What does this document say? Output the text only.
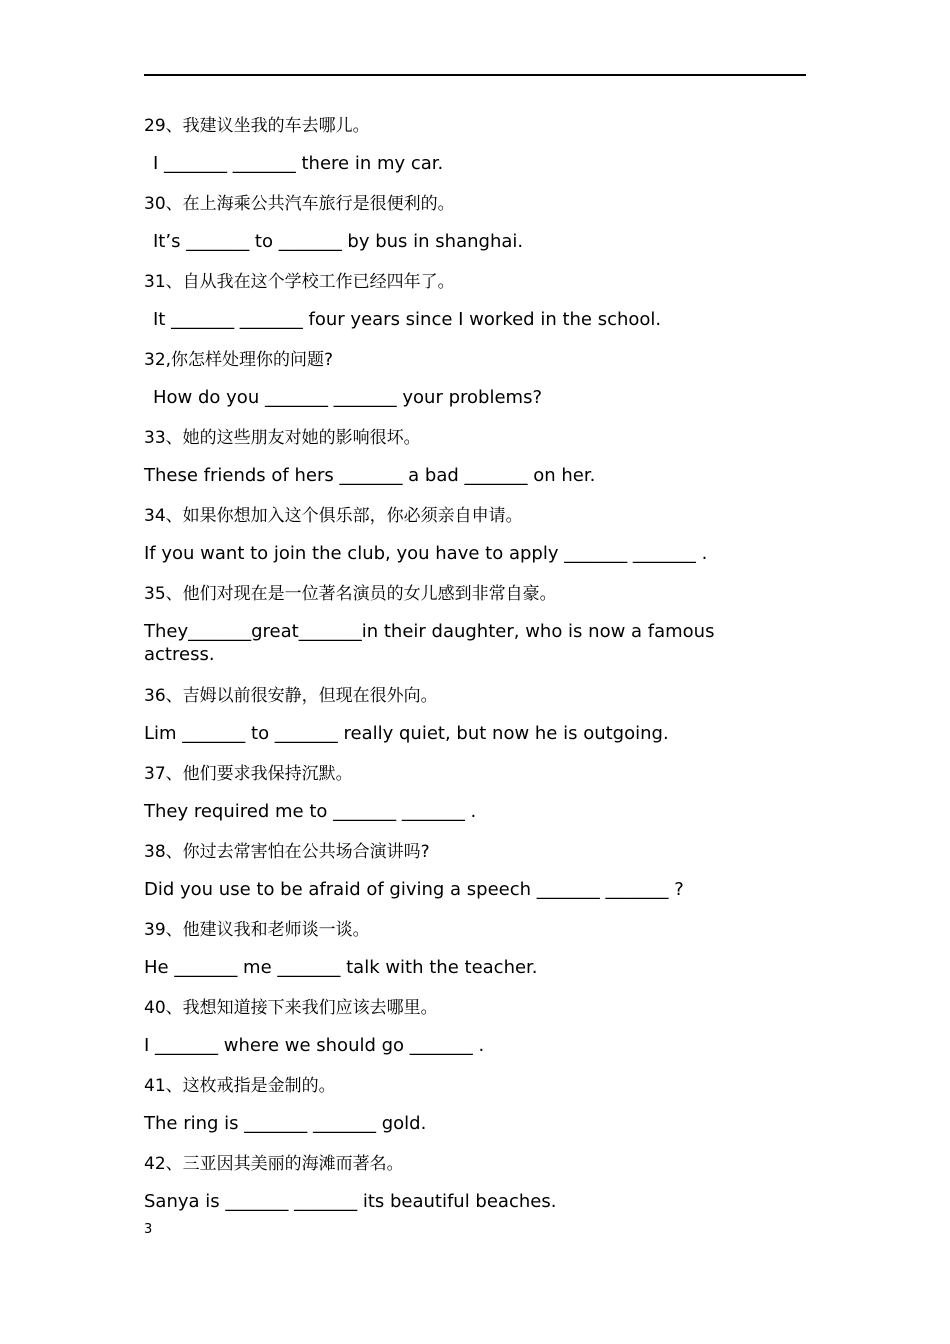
29、我建议坐我的车去哪儿。
I _______ _______ there in my car.
30、在上海乘公共汽车旅行是很便利的。
It’s _______ to _______ by bus in shanghai.
31、自从我在这个学校工作已经四年了。
It _______ _______ four years since I worked in the school.
32,你怎样处理你的问题?
How do you _______ _______ your problems?
33、她的这些朋友对她的影响很坏。
These friends of hers _______ a bad _______ on her.
34、如果你想加入这个俱乐部，你必须亲自申请。
If you want to join the club, you have to apply _______ _______ .
35、他们对现在是一位著名演员的女儿感到非常自豪。
They_______great_______in their daughter, who is now a famous actress.
36、吉姆以前很安静，但现在很外向。
Lim _______ to _______ really quiet, but now he is outgoing.
37、他们要求我保持沉默。
They required me to _______ _______ .
38、你过去常害怕在公共场合演讲吗?
Did you use to be afraid of giving a speech _______ _______ ?
39、他建议我和老师谈一谈。
He _______ me _______ talk with the teacher.
40、我想知道接下来我们应该去哪里。
I _______ where we should go _______ .
41、这枚戒指是金制的。
The ring is _______ _______ gold.
42、三亚因其美丽的海滩而著名。
Sanya is _______ _______ its beautiful beaches.
3
